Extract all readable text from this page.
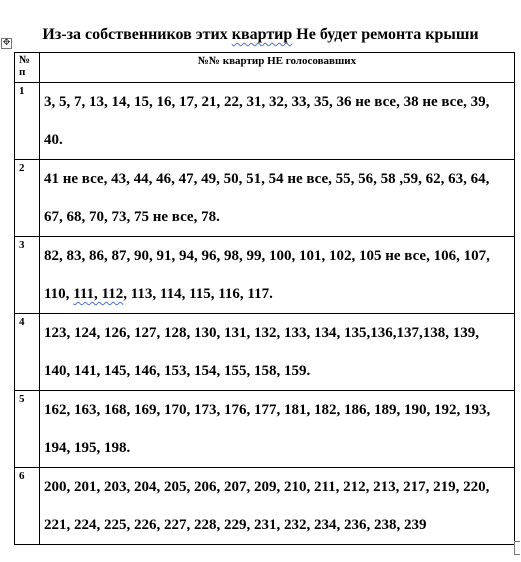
Из-за собственников этих квартир Не будет ремонта крыши
✥
№ п	№№ квартир НЕ голосовавших
1	3, 5, 7, 13, 14, 15, 16, 17, 21, 22, 31, 32, 33, 35, 36 не все, 38 не все, 39, 40.
2	41 не все, 43, 44, 46, 47, 49, 50, 51, 54 не все, 55, 56, 58 ,59, 62, 63, 64, 67, 68, 70, 73, 75 не все, 78.
3	82, 83, 86, 87, 90, 91, 94, 96, 98, 99, 100, 101, 102, 105 не все, 106, 107, 110, 111, 112, 113, 114, 115, 116, 117.
4	123, 124, 126, 127, 128, 130, 131, 132, 133, 134, 135,136,137,138, 139, 140, 141, 145, 146, 153, 154, 155, 158, 159.
5	162, 163, 168, 169, 170, 173, 176, 177, 181, 182, 186, 189, 190, 192, 193, 194, 195, 198.
6	200, 201, 203, 204, 205, 206, 207, 209, 210, 211, 212, 213, 217, 219, 220, 221, 224, 225, 226, 227, 228, 229, 231, 232, 234, 236, 238, 239
